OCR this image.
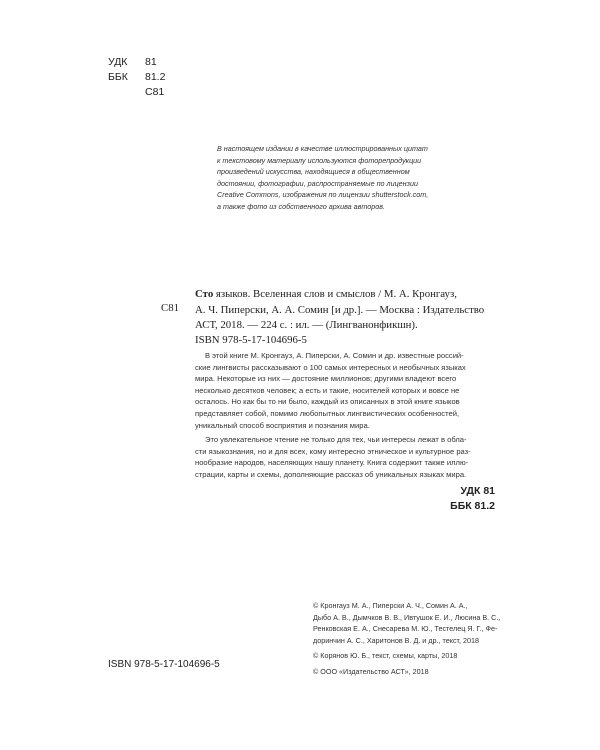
УДК 81
ББК 81.2
С81
В настоящем издании в качестве иллюстрированных цитат
к текстовому материалу используются фоторепродукции
произведений искусства, находящиеся в общественном
достоянии, фотографии, распространяемые по лицензии
Creative Commons, изображения по лицензии shutterstock.com,
а также фото из собственного архива авторов.
С81
Сто языков. Вселенная слов и смыслов / М. А. Кронгауз,
А. Ч. Пиперски, А. А. Сомин [и др.]. — Москва : Издательство
АСТ, 2018. — 224 с. : ил. — (Лингванонфикшн).
ISBN 978-5-17-104696-5
В этой книге М. Кронгауз, А. Пиперски, А. Сомин и др. известные россий-
ские лингвисты рассказывают о 100 самых интересных и необычных языках
мира. Некоторые из них — достояние миллионов; другими владеют всего
несколько десятков человек; а есть и такие, носителей которых и вовсе не
осталось. Но как бы то ни было, каждый из описанных в этой книге языков
представляет собой, помимо любопытных лингвистических особенностей,
уникальный способ восприятия и познания мира.
Это увлекательное чтение не только для тех, чьи интересы лежат в обла-
сти языкознания, но и для всех, кому интересно этническое и культурное раз-
нообразие народов, населяющих нашу планету. Книга содержит также иллю-
страции, карты и схемы, дополняющие рассказ об уникальных языках мира.
УДК 81
ББК 81.2
© Кронгауз М. А., Пиперски А. Ч., Сомин А. А.,
Дыбо А. В., Дымчков В. В., Ивтушок Е. И., Люсина В. С.,
Ренковская Е. А., Снесарева М. Ю., Тестелец Я. Г., Фе-
доринчин А. С., Харитонов В. Д. и др., текст, 2018
© Корянов Ю. Б., текст, схемы, карты, 2018
© ООО «Издательство АСТ», 2018
ISBN 978-5-17-104696-5
